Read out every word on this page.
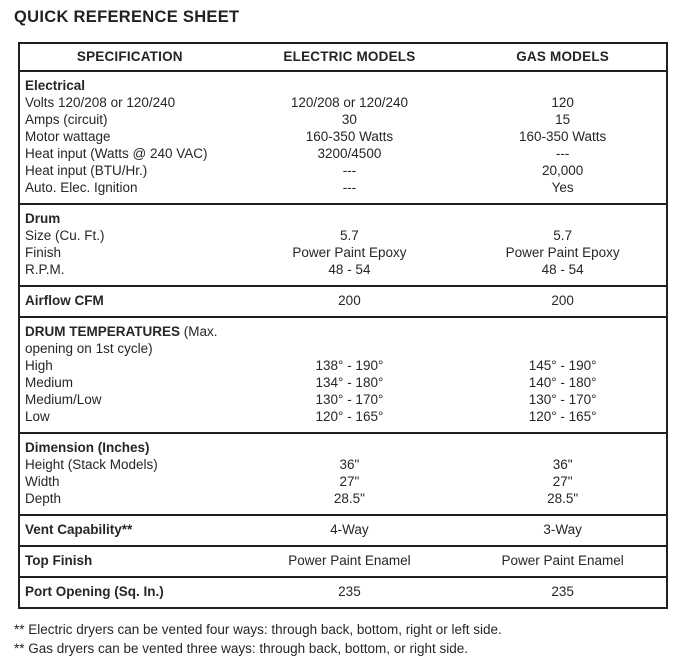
QUICK REFERENCE SHEET
SPECIFICATION	ELECTRIC MODELS	GAS MODELS
Electrical
Volts 120/208 or 120/240	120/208 or 120/240	120
Amps (circuit)	30	15
Motor wattage	160-350 Watts	160-350 Watts
Heat input (Watts @ 240 VAC)	3200/4500	---
Heat input (BTU/Hr.)	---	20,000
Auto. Elec. Ignition	---	Yes
Drum
Size (Cu. Ft.)	5.7	5.7
Finish	Power Paint Epoxy	Power Paint Epoxy
R.P.M.	48 - 54	48 - 54
Airflow CFM	200	200
DRUM TEMPERATURES (Max.
opening on 1st cycle)
High	138° - 190°	145° - 190°
Medium	134° - 180°	140° - 180°
Medium/Low	130° - 170°	130° - 170°
Low	120° - 165°	120° - 165°
Dimension (Inches)
Height (Stack Models)	36"	36"
Width	27"	27"
Depth	28.5"	28.5"
Vent Capability**	4-Way	3-Way
Top Finish	Power Paint Enamel	Power Paint Enamel
Port Opening (Sq. In.)	235	235

** Electric dryers can be vented four ways: through back, bottom, right or left side.

** Gas dryers can be vented three ways: through back, bottom, or right side.
